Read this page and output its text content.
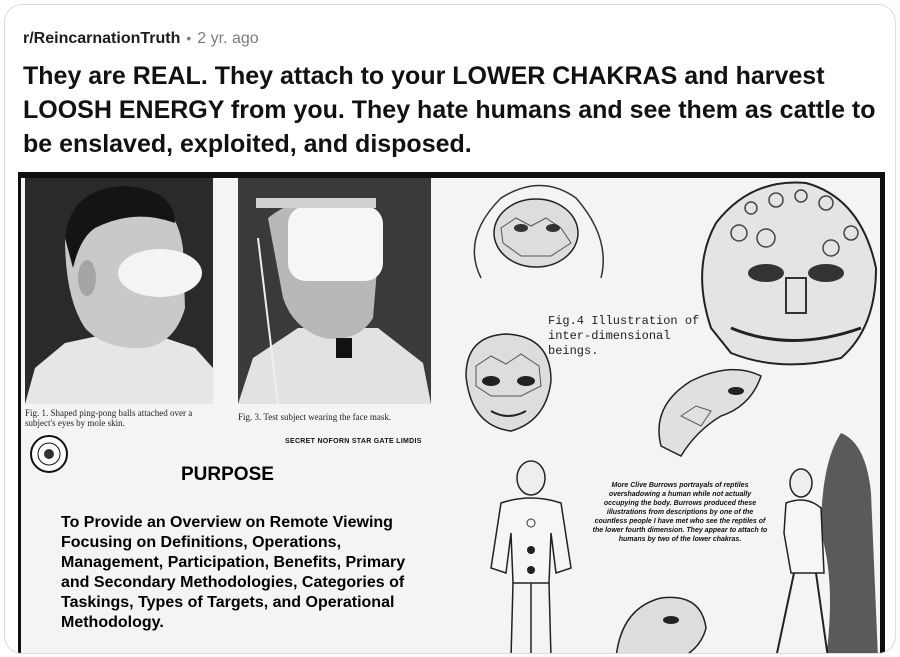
r/ReincarnationTruth • 2 yr. ago
They are REAL. They attach to your LOWER CHAKRAS and harvest LOOSH ENERGY from you. They hate humans and see them as cattle to be enslaved, exploited, and disposed.
Fig. 1. Shaped ping-pong balls attached over a subject's eyes by mole skin.
Fig. 3. Test subject wearing the face mask.
SECRET NOFORN STAR GATE LIMDIS
PURPOSE
To Provide an Overview on Remote Viewing Focusing on Definitions, Operations, Management, Participation, Benefits, Primary and Secondary Methodologies, Categories of Taskings, Types of Targets, and Operational Methodology.
Fig.4 Illustration of inter-dimensional beings.
More Clive Burrows portrayals of reptiles overshadowing a human while not actually occupying the body. Burrows produced these illustrations from descriptions by one of the countless people I have met who see the reptiles of the lower fourth dimension. They appear to attach to humans by two of the lower chakras.
